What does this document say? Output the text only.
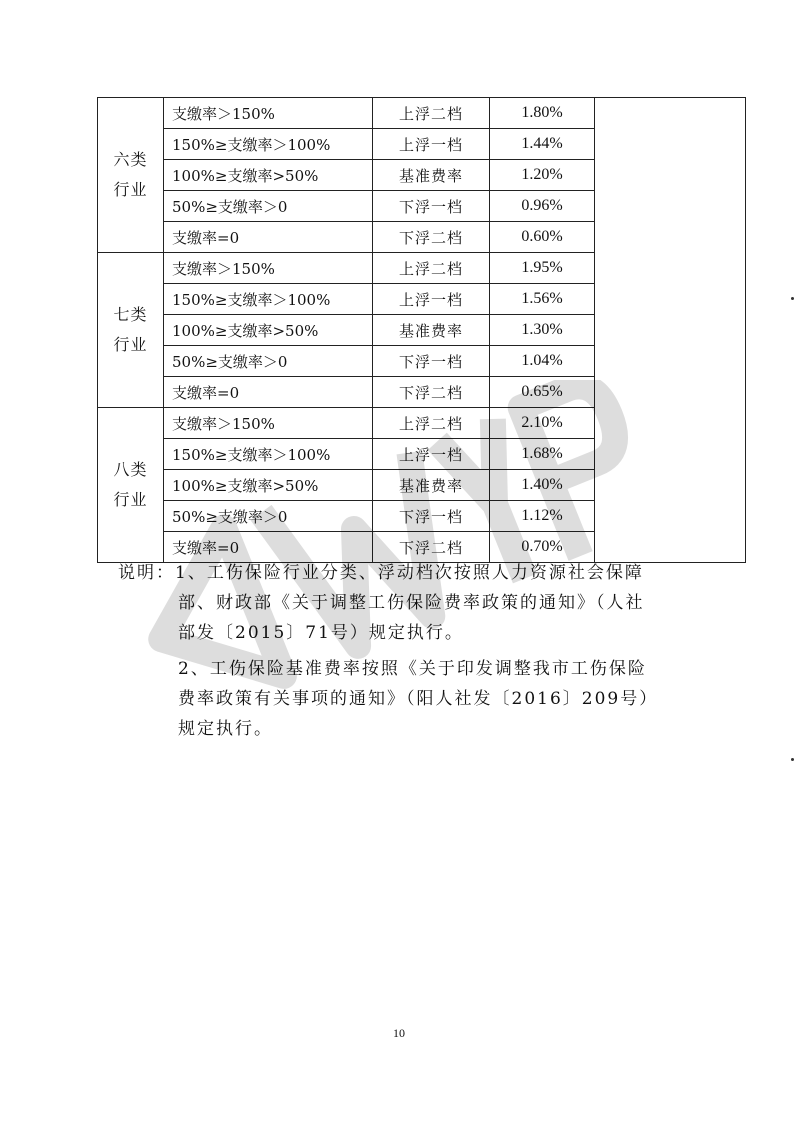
六类
行业	支缴率＞150%	上浮二档	1.80%	
	150%≥支缴率＞100%	上浮一档	1.44%	
	100%≥支缴率>50%	基准费率	1.20%	
	50%≥支缴率＞0	下浮一档	0.96%	
	支缴率=0	下浮二档	0.60%	
七类
行业	支缴率＞150%	上浮二档	1.95%	
	150%≥支缴率＞100%	上浮一档	1.56%	
	100%≥支缴率>50%	基准费率	1.30%	
	50%≥支缴率＞0	下浮一档	1.04%	
	支缴率=0	下浮二档	0.65%	
八类
行业	支缴率＞150%	上浮二档	2.10%	
	150%≥支缴率＞100%	上浮一档	1.68%	
	100%≥支缴率>50%	基准费率	1.40%	
	50%≥支缴率＞0	下浮一档	1.12%	
	支缴率=0	下浮二档	0.70%	

说明：1、工伤保险行业分类、浮动档次按照人力资源社会保障

部、财政部《关于调整工伤保险费率政策的通知》（人社

部发〔2015〕71号）规定执行。

2、工伤保险基准费率按照《关于印发调整我市工伤保险

费率政策有关事项的通知》（阳人社发〔2016〕209号）

规定执行。

10
